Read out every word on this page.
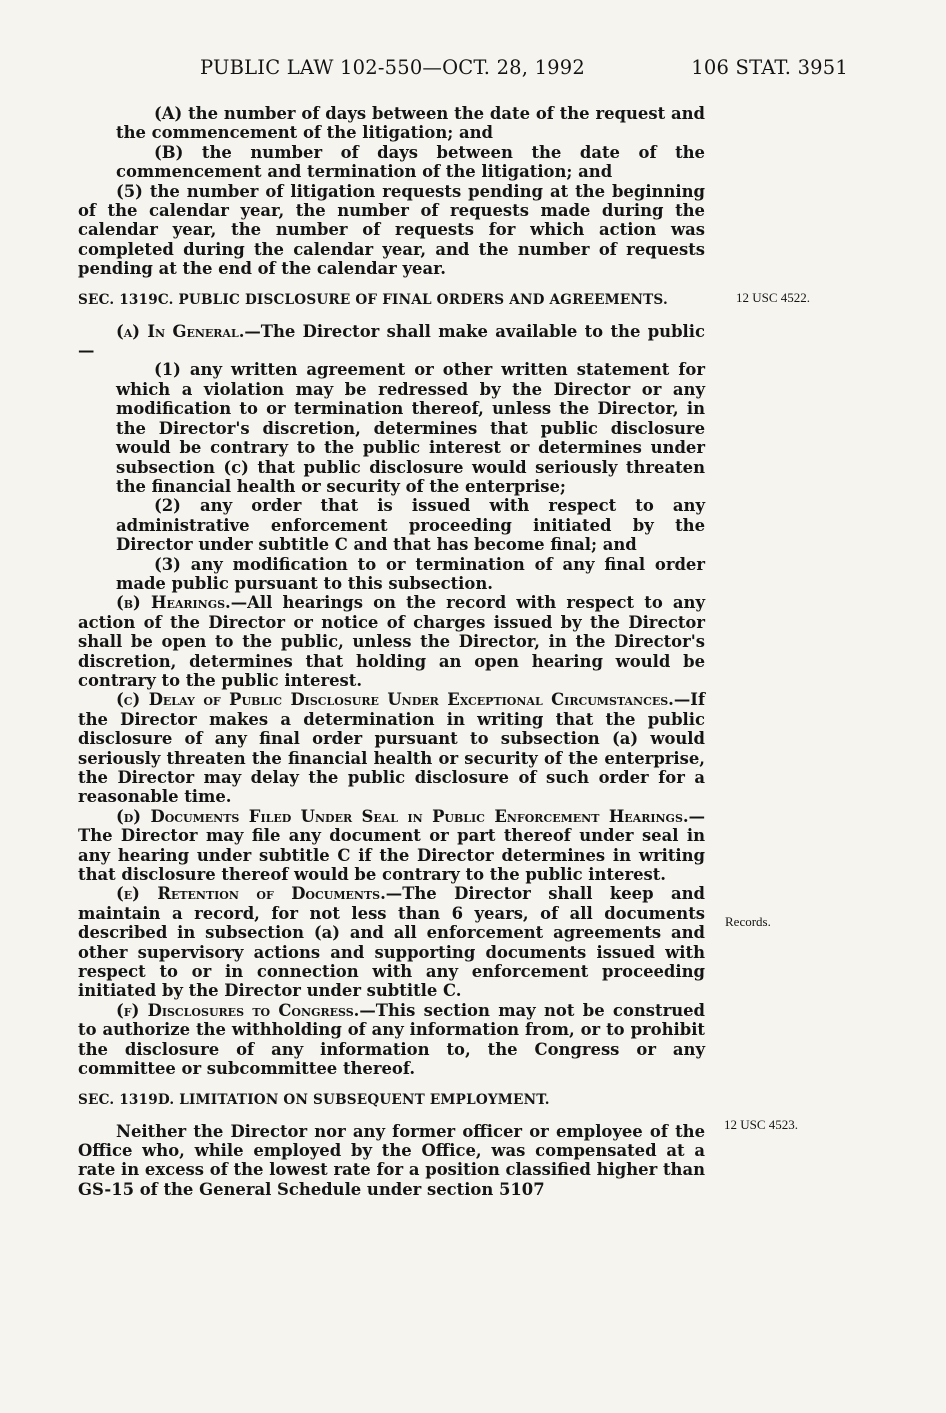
PUBLIC LAW 102-550—OCT. 28, 1992	106 STAT. 3951
12 USC 4522.
Records.
12 USC 4523.

(A) the number of days between the date of the request and the commencement of the litigation; and

(B) the number of days between the date of the commencement and termination of the litigation; and

(5) the number of litigation requests pending at the beginning of the calendar year, the number of requests made during the calendar year, the number of requests for which action was completed during the calendar year, and the number of requests pending at the end of the calendar year.

SEC. 1319C. PUBLIC DISCLOSURE OF FINAL ORDERS AND AGREEMENTS.

(a) In General.—The Director shall make available to the public—

(1) any written agreement or other written statement for which a violation may be redressed by the Director or any modification to or termination thereof, unless the Director, in the Director's discretion, determines that public disclosure would be contrary to the public interest or determines under subsection (c) that public disclosure would seriously threaten the financial health or security of the enterprise;

(2) any order that is issued with respect to any administrative enforcement proceeding initiated by the Director under subtitle C and that has become final; and

(3) any modification to or termination of any final order made public pursuant to this subsection.

(b) Hearings.—All hearings on the record with respect to any action of the Director or notice of charges issued by the Director shall be open to the public, unless the Director, in the Director's discretion, determines that holding an open hearing would be contrary to the public interest.

(c) Delay of Public Disclosure Under Exceptional Circumstances.—If the Director makes a determination in writing that the public disclosure of any final order pursuant to subsection (a) would seriously threaten the financial health or security of the enterprise, the Director may delay the public disclosure of such order for a reasonable time.

(d) Documents Filed Under Seal in Public Enforcement Hearings.—The Director may file any document or part thereof under seal in any hearing under subtitle C if the Director determines in writing that disclosure thereof would be contrary to the public interest.

(e) Retention of Documents.—The Director shall keep and maintain a record, for not less than 6 years, of all documents described in subsection (a) and all enforcement agreements and other supervisory actions and supporting documents issued with respect to or in connection with any enforcement proceeding initiated by the Director under subtitle C.

(f) Disclosures to Congress.—This section may not be construed to authorize the withholding of any information from, or to prohibit the disclosure of any information to, the Congress or any committee or subcommittee thereof.

SEC. 1319D. LIMITATION ON SUBSEQUENT EMPLOYMENT.

Neither the Director nor any former officer or employee of the Office who, while employed by the Office, was compensated at a rate in excess of the lowest rate for a position classified higher than GS-15 of the General Schedule under section 5107
